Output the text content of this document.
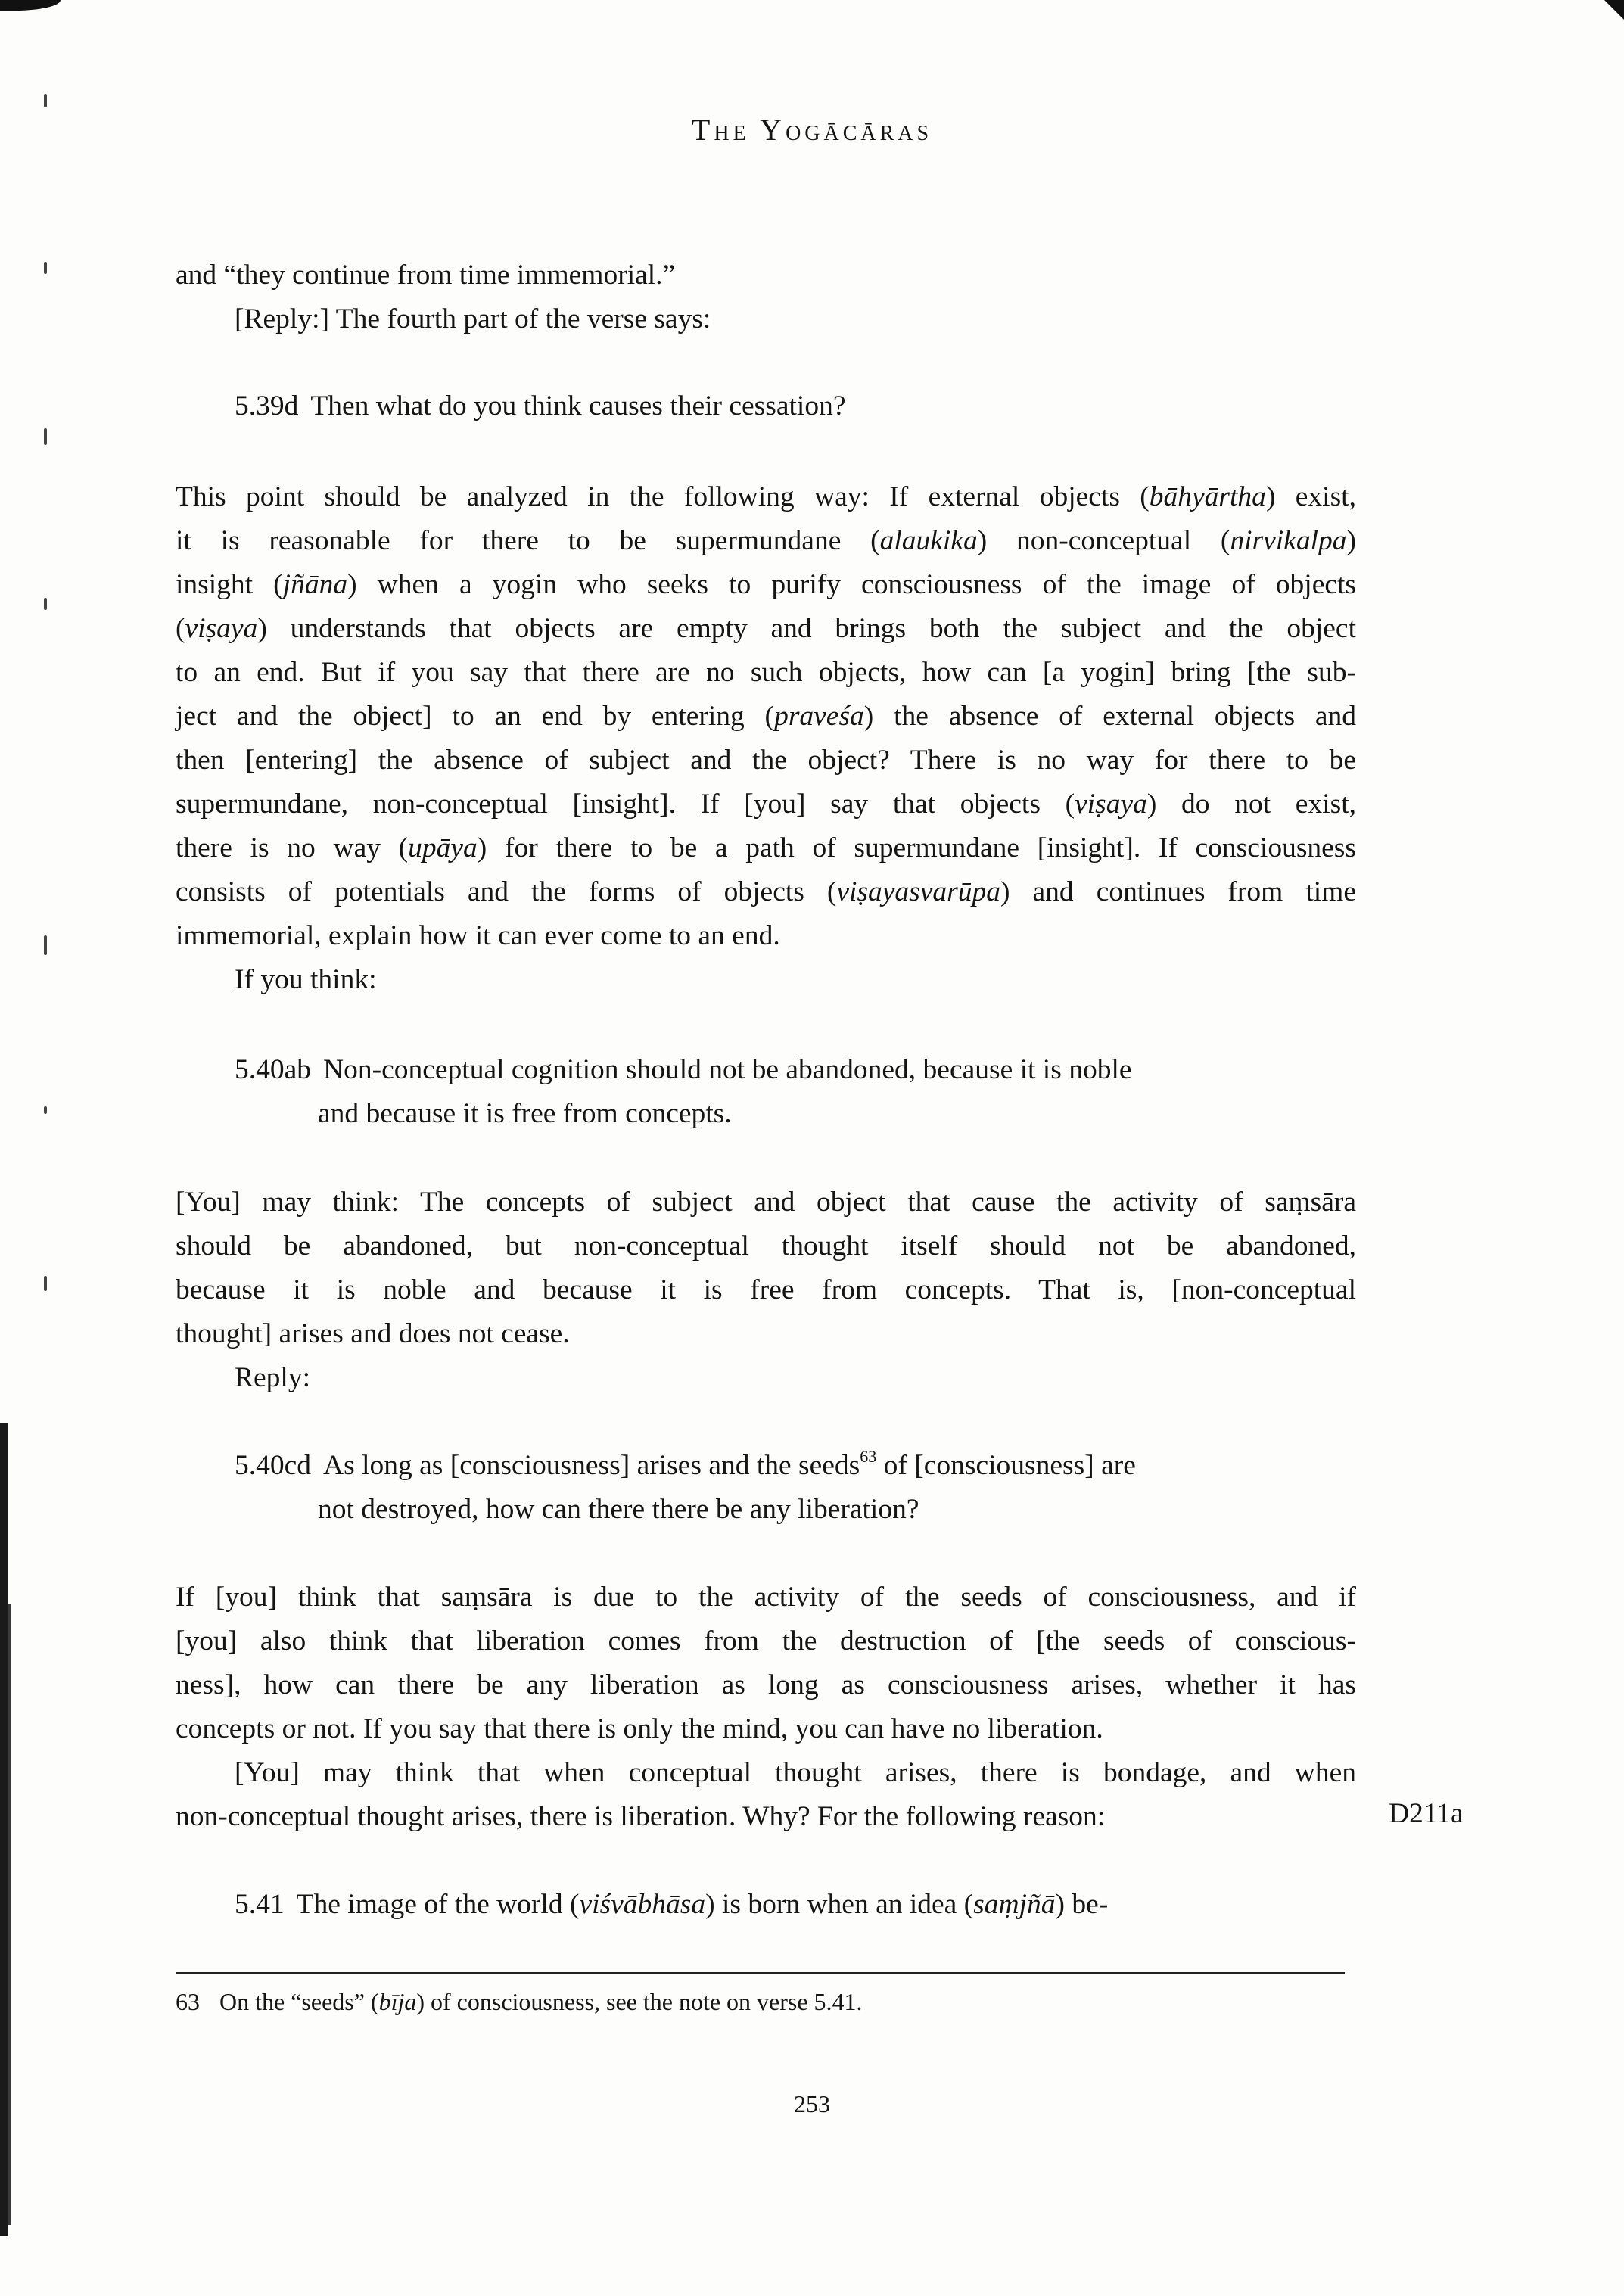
The Yogācāras
and “they continue from time immemorial.”
[Reply:] The fourth part of the verse says:
5.39d Then what do you think causes their cessation?
This point should be analyzed in the following way: If external objects (bāhyārtha) exist,
it is reasonable for there to be supermundane (alaukika) non-conceptual (nirvikalpa)
insight (jñāna) when a yogin who seeks to purify consciousness of the image of objects
(viṣaya) understands that objects are empty and brings both the subject and the object
to an end. But if you say that there are no such objects, how can [a yogin] bring [the sub-
ject and the object] to an end by entering (praveśa) the absence of external objects and
then [entering] the absence of subject and the object? There is no way for there to be
supermundane, non-conceptual [insight]. If [you] say that objects (viṣaya) do not exist,
there is no way (upāya) for there to be a path of supermundane [insight]. If consciousness
consists of potentials and the forms of objects (viṣayasvarūpa) and continues from time
immemorial, explain how it can ever come to an end.
If you think:
5.40ab Non-conceptual cognition should not be abandoned, because it is noble
and because it is free from concepts.
[You] may think: The concepts of subject and object that cause the activity of saṃsāra
should be abandoned, but non-conceptual thought itself should not be abandoned,
because it is noble and because it is free from concepts. That is, [non-conceptual
thought] arises and does not cease.
Reply:
5.40cd As long as [consciousness] arises and the seeds$^{63}$ of [consciousness] are
not destroyed, how can there there be any liberation?
If [you] think that saṃsāra is due to the activity of the seeds of consciousness, and if
[you] also think that liberation comes from the destruction of [the seeds of conscious-
ness], how can there be any liberation as long as consciousness arises, whether it has
concepts or not. If you say that there is only the mind, you can have no liberation.
[You] may think that when conceptual thought arises, there is bondage, and when
non-conceptual thought arises, there is liberation. Why? For the following reason:
5.41 The image of the world (viśvābhāsa) is born when an idea (saṃjñā) be-
D211a
63 On the “seeds” (bīja) of consciousness, see the note on verse 5.41.
253
